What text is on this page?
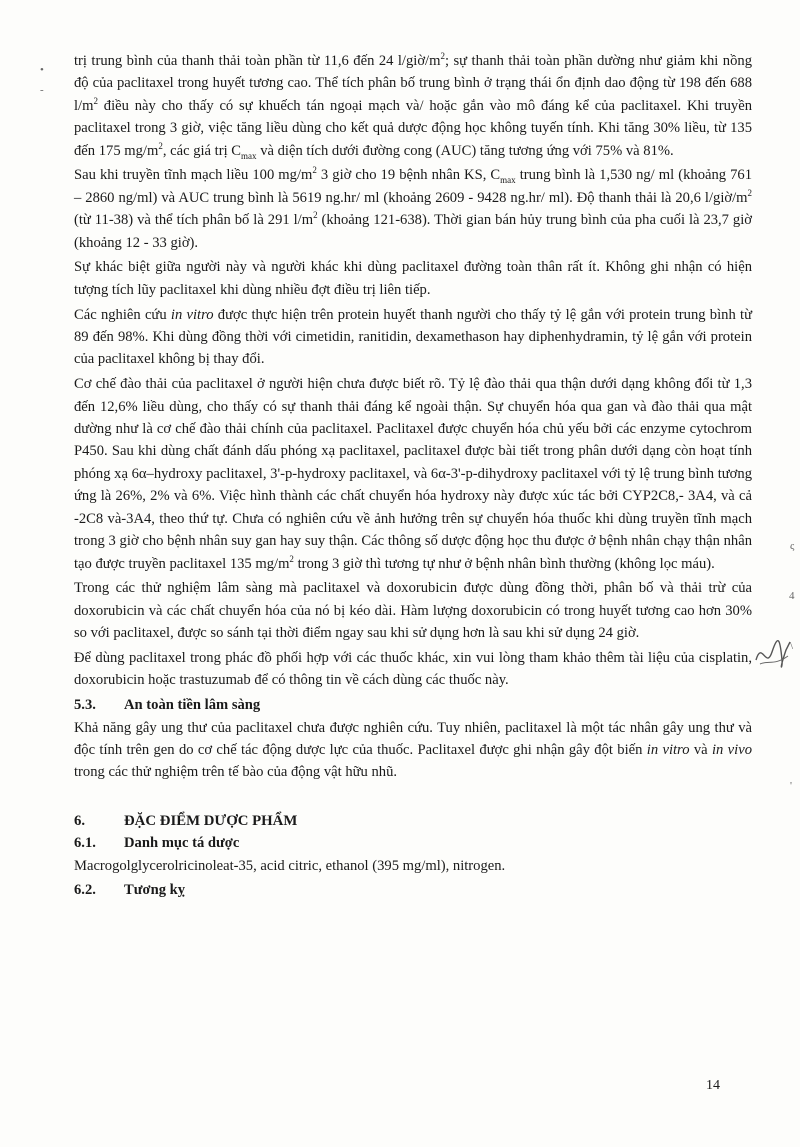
•
-

trị trung bình của thanh thải toàn phần từ 11,6 đến 24 $l/giờ/m^2$; sự thanh thải toàn phần dường như giảm khi nồng độ của paclitaxel trong huyết tương cao. Thể tích phân bố trung bình ở trạng thái ổn định dao động từ 198 đến 688 $l/m^2$ điều này cho thấy có sự khuếch tán ngoại mạch và/ hoặc gắn vào mô đáng kể của paclitaxel. Khi truyền paclitaxel trong 3 giờ, việc tăng liều dùng cho kết quả dược động học không tuyến tính. Khi tăng 30% liều, từ 135 đến 175 $mg/m^2$, các giá trị $C_{max}$ và diện tích dưới đường cong (AUC) tăng tương ứng với 75% và 81%.

Sau khi truyền tĩnh mạch liều 100 $mg/m^2$ 3 giờ cho 19 bệnh nhân KS, $C_{max}$ trung bình là 1,530 ng/ ml (khoảng 761 – 2860 ng/ml) và AUC trung bình là 5619 ng.hr/ ml (khoảng 2609 - 9428 ng.hr/ ml). Độ thanh thải là 20,6 $l/giờ/m^2$ (từ 11-38) và thể tích phân bố là 291 $l/m^2$ (khoảng 121-638). Thời gian bán hủy trung bình của pha cuối là 23,7 giờ (khoảng 12 - 33 giờ).

Sự khác biệt giữa người này và người khác khi dùng paclitaxel đường toàn thân rất ít. Không ghi nhận có hiện tượng tích lũy paclitaxel khi dùng nhiều đợt điều trị liên tiếp.

Các nghiên cứu in vitro được thực hiện trên protein huyết thanh người cho thấy tỷ lệ gắn với protein trung bình từ 89 đến 98%. Khi dùng đồng thời với cimetidin, ranitidin, dexamethason hay diphenhydramin, tỷ lệ gắn với protein của paclitaxel không bị thay đổi.

Cơ chế đào thải của paclitaxel ở người hiện chưa được biết rõ. Tỷ lệ đào thải qua thận dưới dạng không đổi từ 1,3 đến 12,6% liều dùng, cho thấy có sự thanh thải đáng kể ngoài thận. Sự chuyển hóa qua gan và đào thải qua mật dường như là cơ chế đào thải chính của paclitaxel. Paclitaxel được chuyển hóa chủ yếu bởi các enzyme cytochrom P450. Sau khi dùng chất đánh dấu phóng xạ paclitaxel, paclitaxel được bài tiết trong phân dưới dạng còn hoạt tính phóng xạ 6α–hydroxy paclitaxel, 3'-p-hydroxy paclitaxel, và 6α-3'-p-dihydroxy paclitaxel với tỷ lệ trung bình tương ứng là 26%, 2% và 6%. Việc hình thành các chất chuyển hóa hydroxy này được xúc tác bởi CYP2C8,- 3A4, và cả -2C8 và-3A4, theo thứ tự. Chưa có nghiên cứu về ảnh hưởng trên sự chuyển hóa thuốc khi dùng truyền tĩnh mạch trong 3 giờ cho bệnh nhân suy gan hay suy thận. Các thông số dược động học thu được ở bệnh nhân chạy thận nhân tạo được truyền paclitaxel 135 $mg/m^2$ trong 3 giờ thì tương tự như ở bệnh nhân bình thường (không lọc máu).

Trong các thử nghiệm lâm sàng mà paclitaxel và doxorubicin được dùng đồng thời, phân bố và thải trừ của doxorubicin và các chất chuyển hóa của nó bị kéo dài. Hàm lượng doxorubicin có trong huyết tương cao hơn 30% so với paclitaxel, được so sánh tại thời điểm ngay sau khi sử dụng hơn là sau khi sử dụng 24 giờ.

Để dùng paclitaxel trong phác đồ phối hợp với các thuốc khác, xin vui lòng tham khảo thêm tài liệu của cisplatin, doxorubicin hoặc trastuzumab để có thông tin về cách dùng các thuốc này.

5.3.	An toàn tiền lâm sàng

Khả năng gây ung thư của paclitaxel chưa được nghiên cứu. Tuy nhiên, paclitaxel là một tác nhân gây ung thư và độc tính trên gen do cơ chế tác động dược lực của thuốc. Paclitaxel được ghi nhận gây đột biến in vitro và in vivo trong các thử nghiệm trên tế bào của động vật hữu nhũ.

6.	ĐẶC ĐIỂM DƯỢC PHẨM
6.1.	Danh mục tá dược

Macrogolglycerolricinoleat-35, acid citric, ethanol (395 mg/ml), nitrogen.

6.2.	Tương kỵ
ς
4
\
'
14
